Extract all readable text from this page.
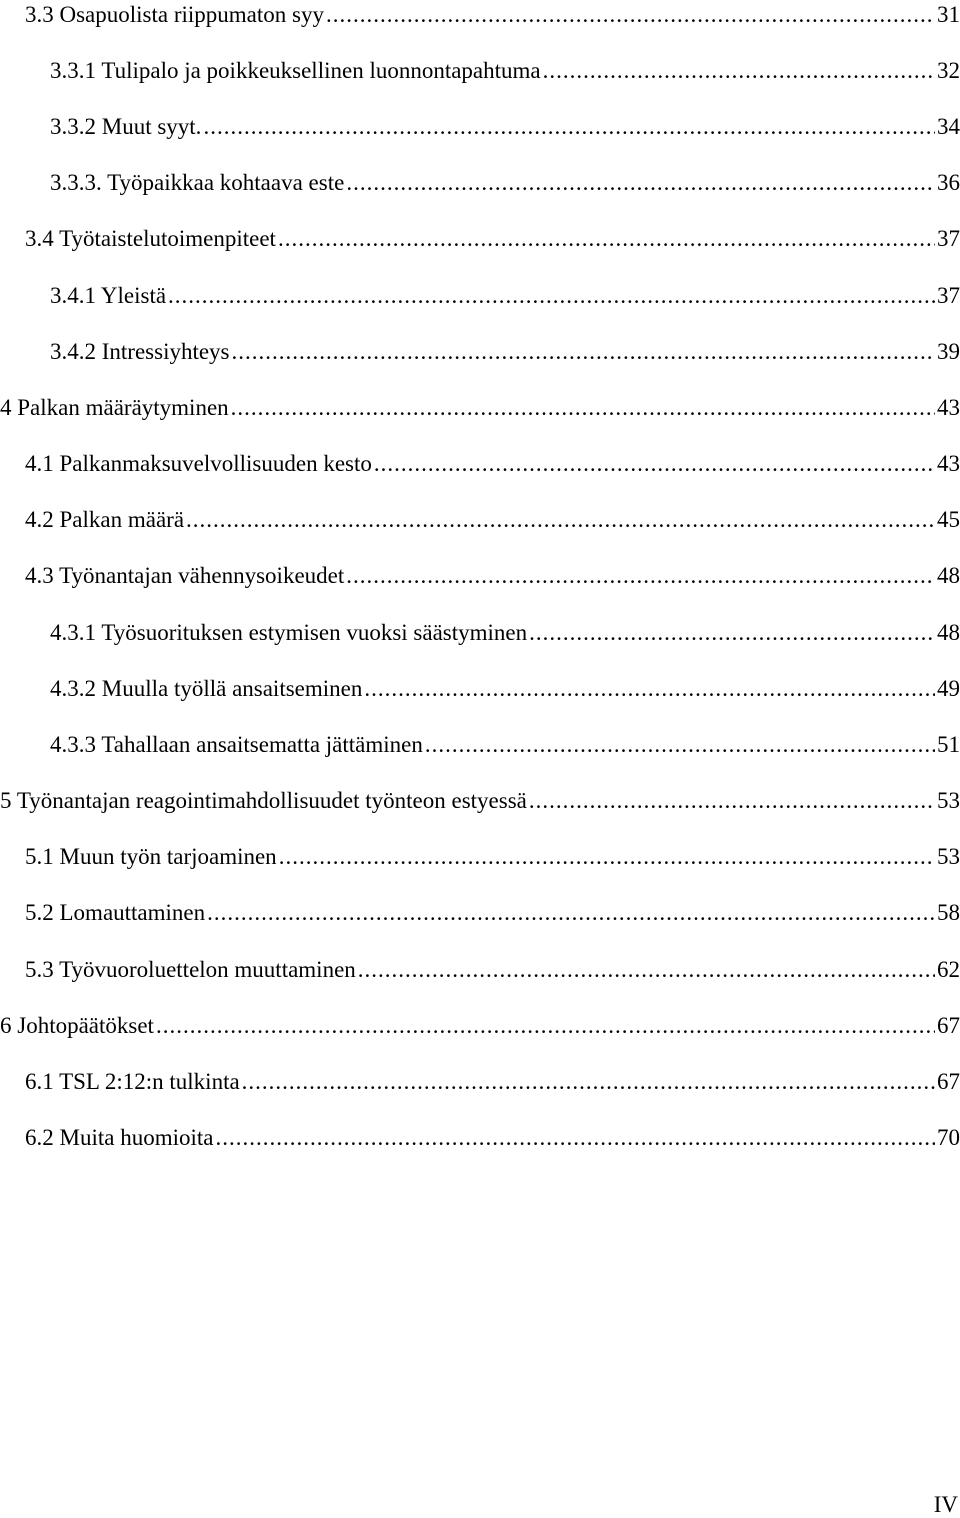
3.3 Osapuolista riippumaton syy .....	31
3.3.1 Tulipalo ja poikkeuksellinen luonnontapahtuma .....	32
3.3.2 Muut syyt. .....	34
3.3.3. Työpaikkaa kohtaava este .....	36
3.4 Työtaistelutoimenpiteet .....	37
3.4.1 Yleistä .....	37
3.4.2 Intressiyhteys .....	39
4 Palkan määräytyminen .....	43
4.1 Palkanmaksuvelvollisuuden kesto .....	43
4.2 Palkan määrä .....	45
4.3 Työnantajan vähennysoikeudet .....	48
4.3.1 Työsuorituksen estymisen vuoksi säästyminen .....	48
4.3.2 Muulla työllä ansaitseminen .....	49
4.3.3 Tahallaan ansaitsematta jättäminen .....	51
5 Työnantajan reagointimahdollisuudet työnteon estyessä .....	53
5.1 Muun työn tarjoaminen .....	53
5.2 Lomauttaminen .....	58
5.3 Työvuoroluettelon muuttaminen .....	62
6 Johtopäätökset .....	67
6.1 TSL 2:12:n tulkinta .....	67
6.2 Muita huomioita .....	70
IV
